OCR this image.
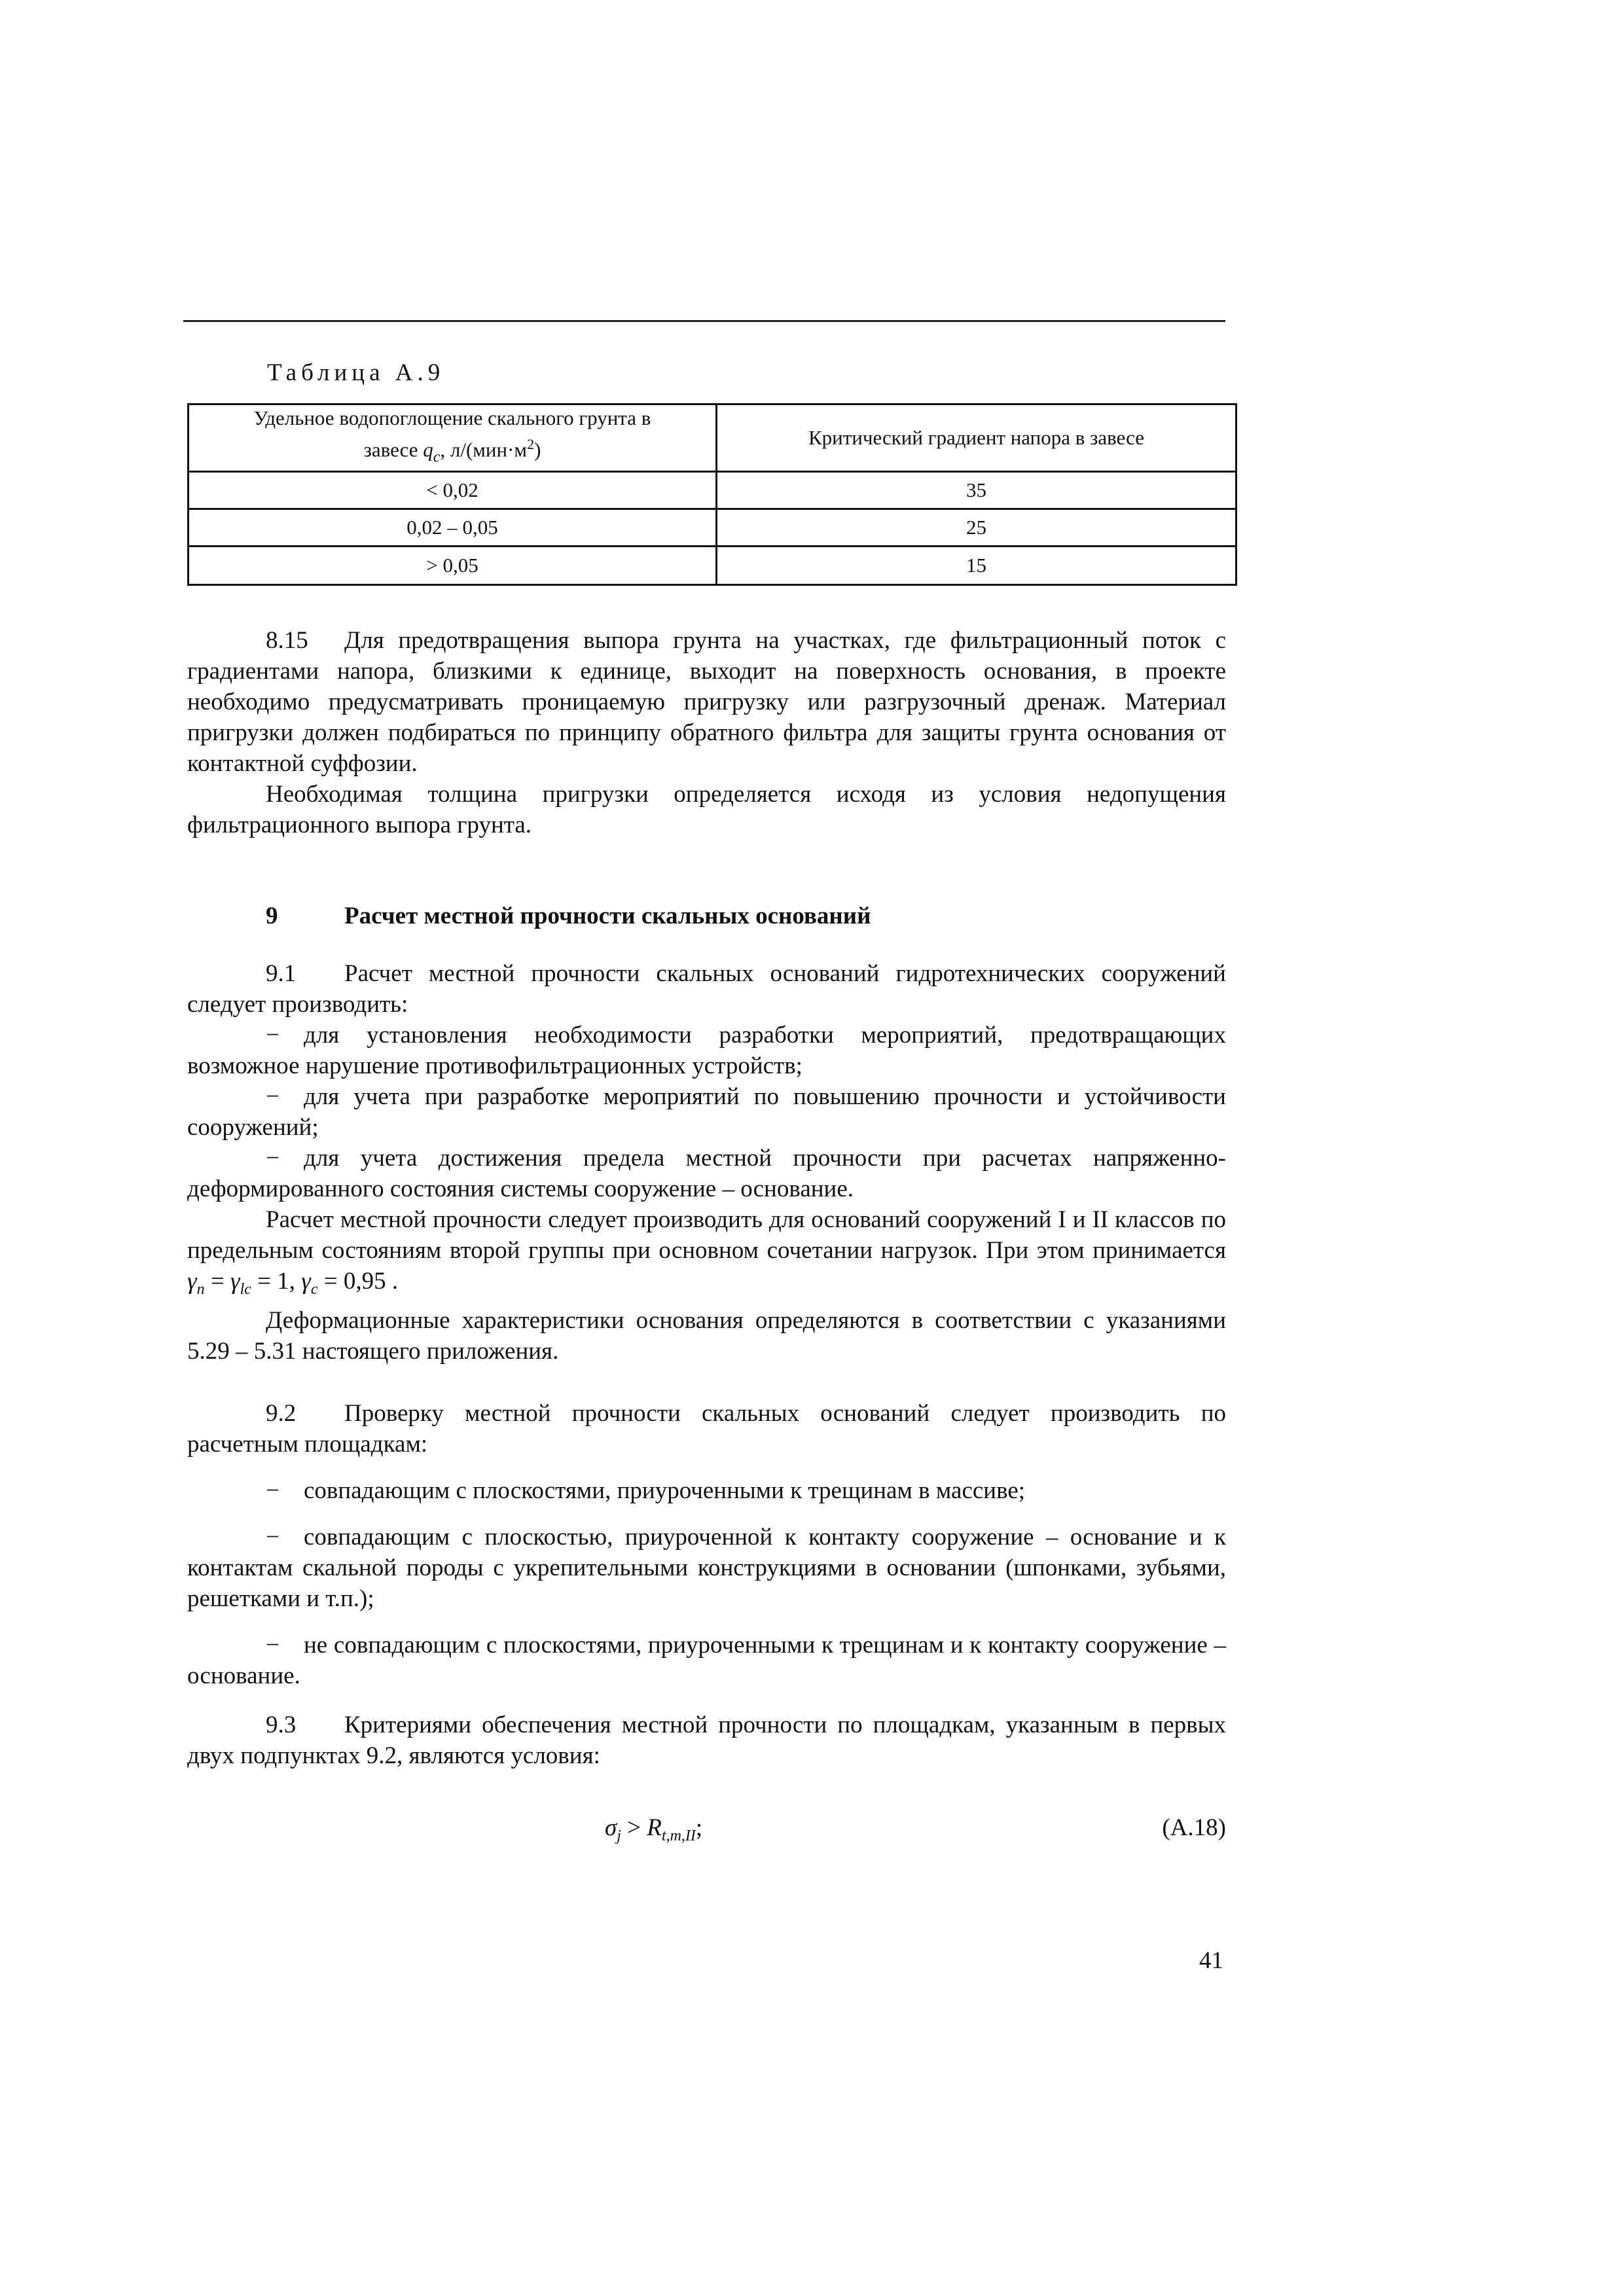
Таблица А.9
Удельное водопоглощение скального грунта в
завесе $q_c$, $л/(мин\cdot м^2)$	Критический градиент напора в завесе
< 0,02	35
0,02 – 0,05	25
> 0,05	15

8.15 Для предотвращения выпора грунта на участках, где фильтрационный поток с градиентами напора, близкими к единице, выходит на поверхность основания, в проекте необходимо предусматривать проницаемую пригрузку или разгрузочный дренаж. Материал пригрузки должен подбираться по принципу обратного фильтра для защиты грунта основания от контактной суффозии.

Необходимая толщина пригрузки определяется исходя из условия недопущения фильтрационного выпора грунта.

9	Расчет местной прочности скальных оснований

9.1 Расчет местной прочности скальных оснований гидротехнических сооружений следует производить:

− для установления необходимости разработки мероприятий, предотвращающих возможное нарушение противофильтрационных устройств;

− для учета при разработке мероприятий по повышению прочности и устойчивости сооружений;

− для учета достижения предела местной прочности при расчетах напряженно-деформированного состояния системы сооружение – основание.

Расчет местной прочности следует производить для оснований сооружений I и II классов по предельным состояниям второй группы при основном сочетании нагрузок. При этом принимается $\gamma_n = \gamma_{lc} = 1$, $\gamma_c = 0,95$ .

Деформационные характеристики основания определяются в соответствии с указаниями 5.29 – 5.31 настоящего приложения.

9.2 Проверку местной прочности скальных оснований следует производить по расчетным площадкам:

− совпадающим с плоскостями, приуроченными к трещинам в массиве;

− совпадающим с плоскостью, приуроченной к контакту сооружение – основание и к контактам скальной породы с укрепительными конструкциями в основании (шпонками, зубьями, решетками и т.п.);

− не совпадающим с плоскостями, приуроченными к трещинам и к контакту сооружение – основание.

9.3 Критериями обеспечения местной прочности по площадкам, указанным в первых двух подпунктах 9.2, являются условия:

$\sigma_j > R_{t,m,II}$;	(А.18)
41
